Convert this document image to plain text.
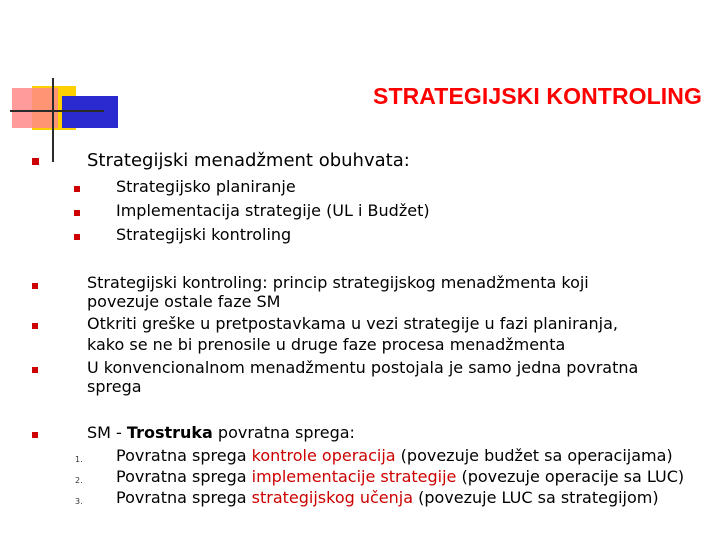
STRATEGIJSKI KONTROLING
Strategijski menadžment obuhvata:
Strategijsko planiranje
Implementacija strategije (UL i Budžet)
Strategijski kontroling
Strategijski kontroling: princip strategijskog menadžmenta koji
povezuje ostale faze SM
Otkriti greške u pretpostavkama u vezi strategije u fazi planiranja,
kako se ne bi prenosile u druge faze procesa menadžmenta
U konvencionalnom menadžmentu postojala je samo jedna povratna
sprega
SM - Trostruka povratna sprega:
1. Povratna sprega kontrole operacija (povezuje budžet sa operacijama)
2. Povratna sprega implementacije strategije (povezuje operacije sa LUC)
3. Povratna sprega strategijskog učenja (povezuje LUC sa strategijom)
